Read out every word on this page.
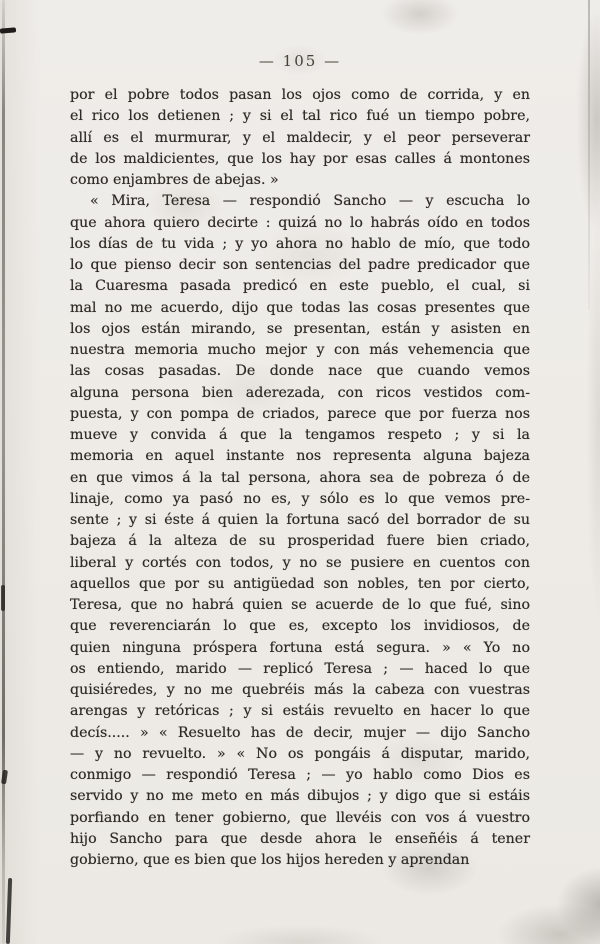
— 105 —
por el pobre todos pasan los ojos como de corrida, y en
el rico los detienen ; y si el tal rico fué un tiempo pobre,
allí es el murmurar, y el maldecir, y el peor perseverar
de los maldicientes, que los hay por esas calles á montones
como enjambres de abejas. »
« Mira, Teresa — respondió Sancho — y escucha lo
que ahora quiero decirte : quizá no lo habrás oído en todos
los días de tu vida ; y yo ahora no hablo de mío, que todo
lo que pienso decir son sentencias del padre predicador que
la Cuaresma pasada predicó en este pueblo, el cual, si
mal no me acuerdo, dijo que todas las cosas presentes que
los ojos están mirando, se presentan, están y asisten en
nuestra memoria mucho mejor y con más vehemencia que
las cosas pasadas. De donde nace que cuando vemos
alguna persona bien aderezada, con ricos vestidos com-
puesta, y con pompa de criados, parece que por fuerza nos
mueve y convida á que la tengamos respeto ; y si la
memoria en aquel instante nos representa alguna bajeza
en que vimos á la tal persona, ahora sea de pobreza ó de
linaje, como ya pasó no es, y sólo es lo que vemos pre-
sente ; y si éste á quien la fortuna sacó del borrador de su
bajeza á la alteza de su prosperidad fuere bien criado,
liberal y cortés con todos, y no se pusiere en cuentos con
aquellos que por su antigüedad son nobles, ten por cierto,
Teresa, que no habrá quien se acuerde de lo que fué, sino
que reverenciarán lo que es, excepto los invidiosos, de
quien ninguna próspera fortuna está segura. » « Yo no
os entiendo, marido — replicó Teresa ; — haced lo que
quisiéredes, y no me quebréis más la cabeza con vuestras
arengas y retóricas ; y si estáis revuelto en hacer lo que
decís..... » « Resuelto has de decir, mujer — dijo Sancho
— y no revuelto. » « No os pongáis á disputar, marido,
conmigo — respondió Teresa ; — yo hablo como Dios es
servido y no me meto en más dibujos ; y digo que si estáis
porfiando en tener gobierno, que llevéis con vos á vuestro
hijo Sancho para que desde ahora le enseñéis á tener
gobierno, que es bien que los hijos hereden y aprendan
